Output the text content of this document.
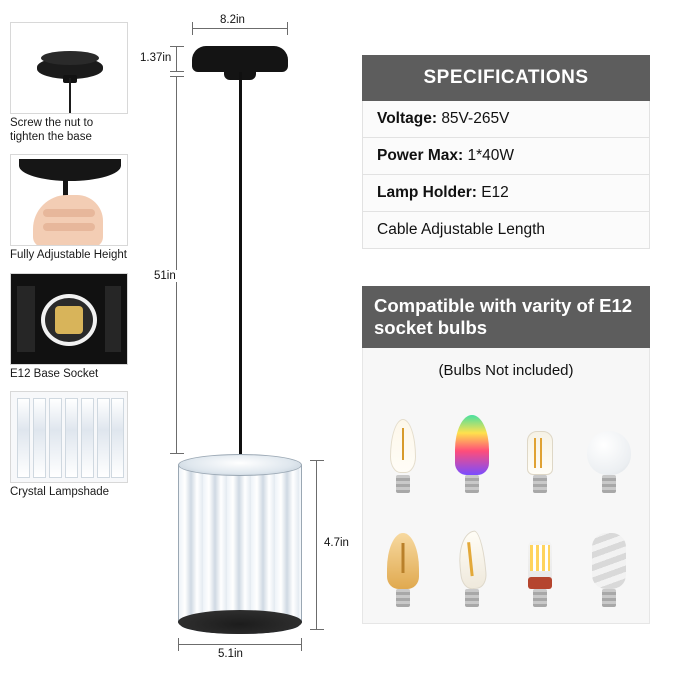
Screw the nut to tighten the base
Fully Adjustable Height
E12 Base Socket
Crystal Lampshade
8.2in
1.37in
51in
4.7in
5.1in
SPECIFICATIONS
Voltage: 85V-265V
Power Max: 1*40W
Lamp Holder: E12
Cable Adjustable Length
Compatible with varity of E12 socket bulbs
(Bulbs Not included)
